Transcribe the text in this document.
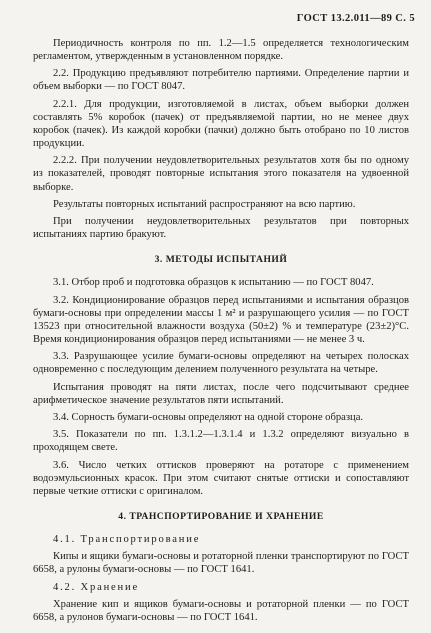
ГОСТ 13.2.011—89 С. 5

Периодичность контроля по пп. 1.2—1.5 определяется технологическим регламентом, утвержденным в установленном порядке.

2.2. Продукцию предъявляют потребителю партиями. Определение партии и объем выборки — по ГОСТ 8047.

2.2.1. Для продукции, изготовляемой в листах, объем выборки должен составлять 5% коробок (пачек) от предъявляемой партии, но не менее двух коробок (пачек). Из каждой коробки (пачки) должно быть отобрано по 10 листов продукции.

2.2.2. При получении неудовлетворительных результатов хотя бы по одному из показателей, проводят повторные испытания этого показателя на удвоенной выборке.

Результаты повторных испытаний распространяют на всю партию.

При получении неудовлетворительных результатов при повторных испытаниях партию бракуют.

3. МЕТОДЫ ИСПЫТАНИЙ

3.1. Отбор проб и подготовка образцов к испытанию — по ГОСТ 8047.

3.2. Кондиционирование образцов перед испытаниями и испытания образцов бумаги-основы при определении массы 1 м² и разрушающего усилия — по ГОСТ 13523 при относительной влажности воздуха (50±2) % и температуре (23±2)°С. Время кондиционирования образцов перед испытаниями — не менее 3 ч.

3.3. Разрушающее усилие бумаги-основы определяют на четырех полосках одновременно с последующим делением полученного результата на четыре.

Испытания проводят на пяти листах, после чего подсчитывают среднее арифметическое значение результатов пяти испытаний.

3.4. Сорность бумаги-основы определяют на одной стороне образца.

3.5. Показатели по пп. 1.3.1.2—1.3.1.4 и 1.3.2 определяют визуально в проходящем свете.

3.6. Число четких оттисков проверяют на ротаторе с применением водоэмульсионных красок. При этом считают снятые оттиски и сопоставляют первые четкие оттиски с оригиналом.

4. ТРАНСПОРТИРОВАНИЕ И ХРАНЕНИЕ

4.1. Транспортирование

Кипы и ящики бумаги-основы и ротаторной пленки транспортируют по ГОСТ 6658, а рулоны бумаги-основы — по ГОСТ 1641.

4.2. Хранение

Хранение кип и ящиков бумаги-основы и ротаторной пленки — по ГОСТ 6658, а рулонов бумаги-основы — по ГОСТ 1641.
